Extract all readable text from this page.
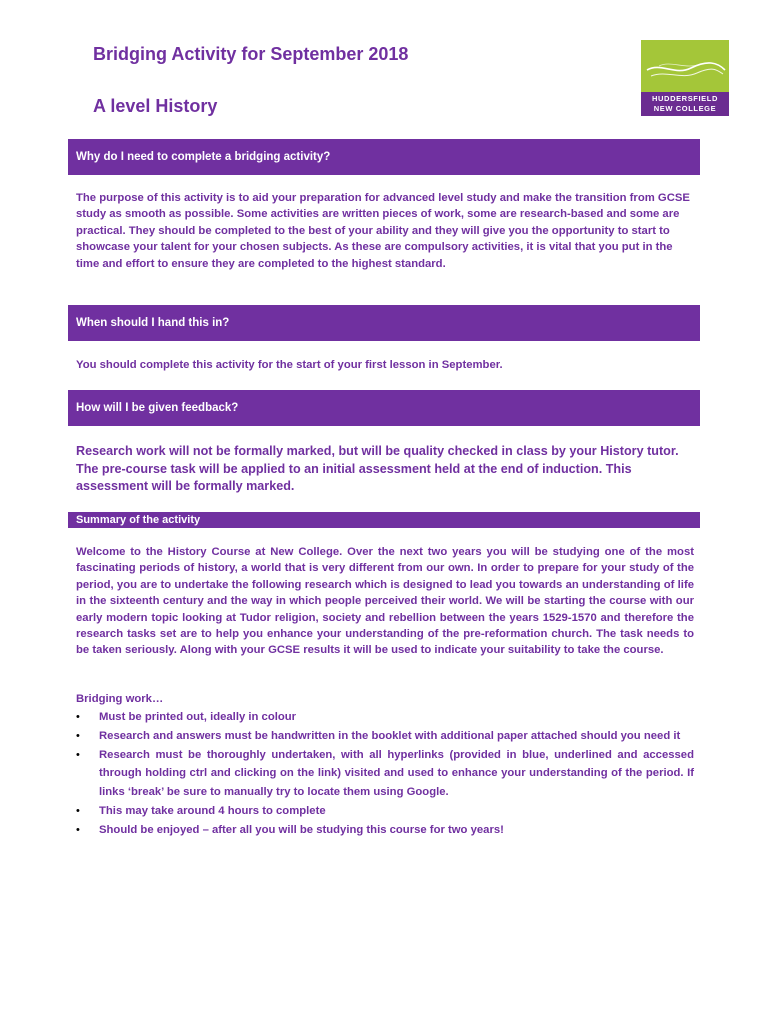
Bridging Activity for September 2018
A level History	HUDDERSFIELD
NEW COLLEGE
Why do I need to complete a bridging activity?

The purpose of this activity is to aid your preparation for advanced level study and make the transition from GCSE study as smooth as possible. Some activities are written pieces of work, some are research-based and some are practical. They should be completed to the best of your ability and they will give you the opportunity to start to showcase your talent for your chosen subjects. As these are compulsory activities, it is vital that you put in the time and effort to ensure they are completed to the highest standard.

When should I hand this in?

You should complete this activity for the start of your first lesson in September.

How will I be given feedback?

Research work will not be formally marked, but will be quality checked in class by your History tutor. The pre-course task will be applied to an initial assessment held at the end of induction. This assessment will be formally marked.

Summary of the activity

Welcome to the History Course at New College. Over the next two years you will be studying one of the most fascinating periods of history, a world that is very different from our own. In order to prepare for your study of the period, you are to undertake the following research which is designed to lead you towards an understanding of life in the sixteenth century and the way in which people perceived their world. We will be starting the course with our early modern topic looking at Tudor religion, society and rebellion between the years 1529-1570 and therefore the research tasks set are to help you enhance your understanding of the pre-reformation church. The task needs to be taken seriously. Along with your GCSE results it will be used to indicate your suitability to take the course.

Bridging work…

• Must be printed out, ideally in colour
• Research and answers must be handwritten in the booklet with additional paper attached should you need it
• Research must be thoroughly undertaken, with all hyperlinks (provided in blue, underlined and accessed through holding ctrl and clicking on the link) visited and used to enhance your understanding of the period. If links ‘break’ be sure to manually try to locate them using Google.
• This may take around 4 hours to complete
• Should be enjoyed – after all you will be studying this course for two years!
